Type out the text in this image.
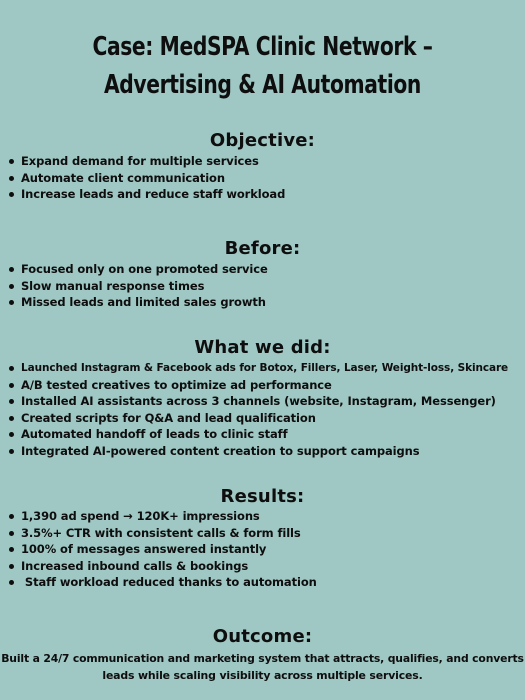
Case: MedSPA Clinic Network –
Advertising & AI Automation
Objective:
Expand demand for multiple services
Automate client communication
Increase leads and reduce staff workload
Before:
Focused only on one promoted service
Slow manual response times
Missed leads and limited sales growth
What we did:
Launched Instagram & Facebook ads for Botox, Fillers, Laser, Weight-loss, Skincare
A/B tested creatives to optimize ad performance
Installed AI assistants across 3 channels (website, Instagram, Messenger)
Created scripts for Q&A and lead qualification
Automated handoff of leads to clinic staff
Integrated AI-powered content creation to support campaigns
Results:
1,390 ad spend → 120K+ impressions
3.5%+ CTR with consistent calls & form fills
100% of messages answered instantly
Increased inbound calls & bookings
Staff workload reduced thanks to automation
Outcome:
Built a 24/7 communication and marketing system that attracts, qualifies, and converts
leads while scaling visibility across multiple services.
